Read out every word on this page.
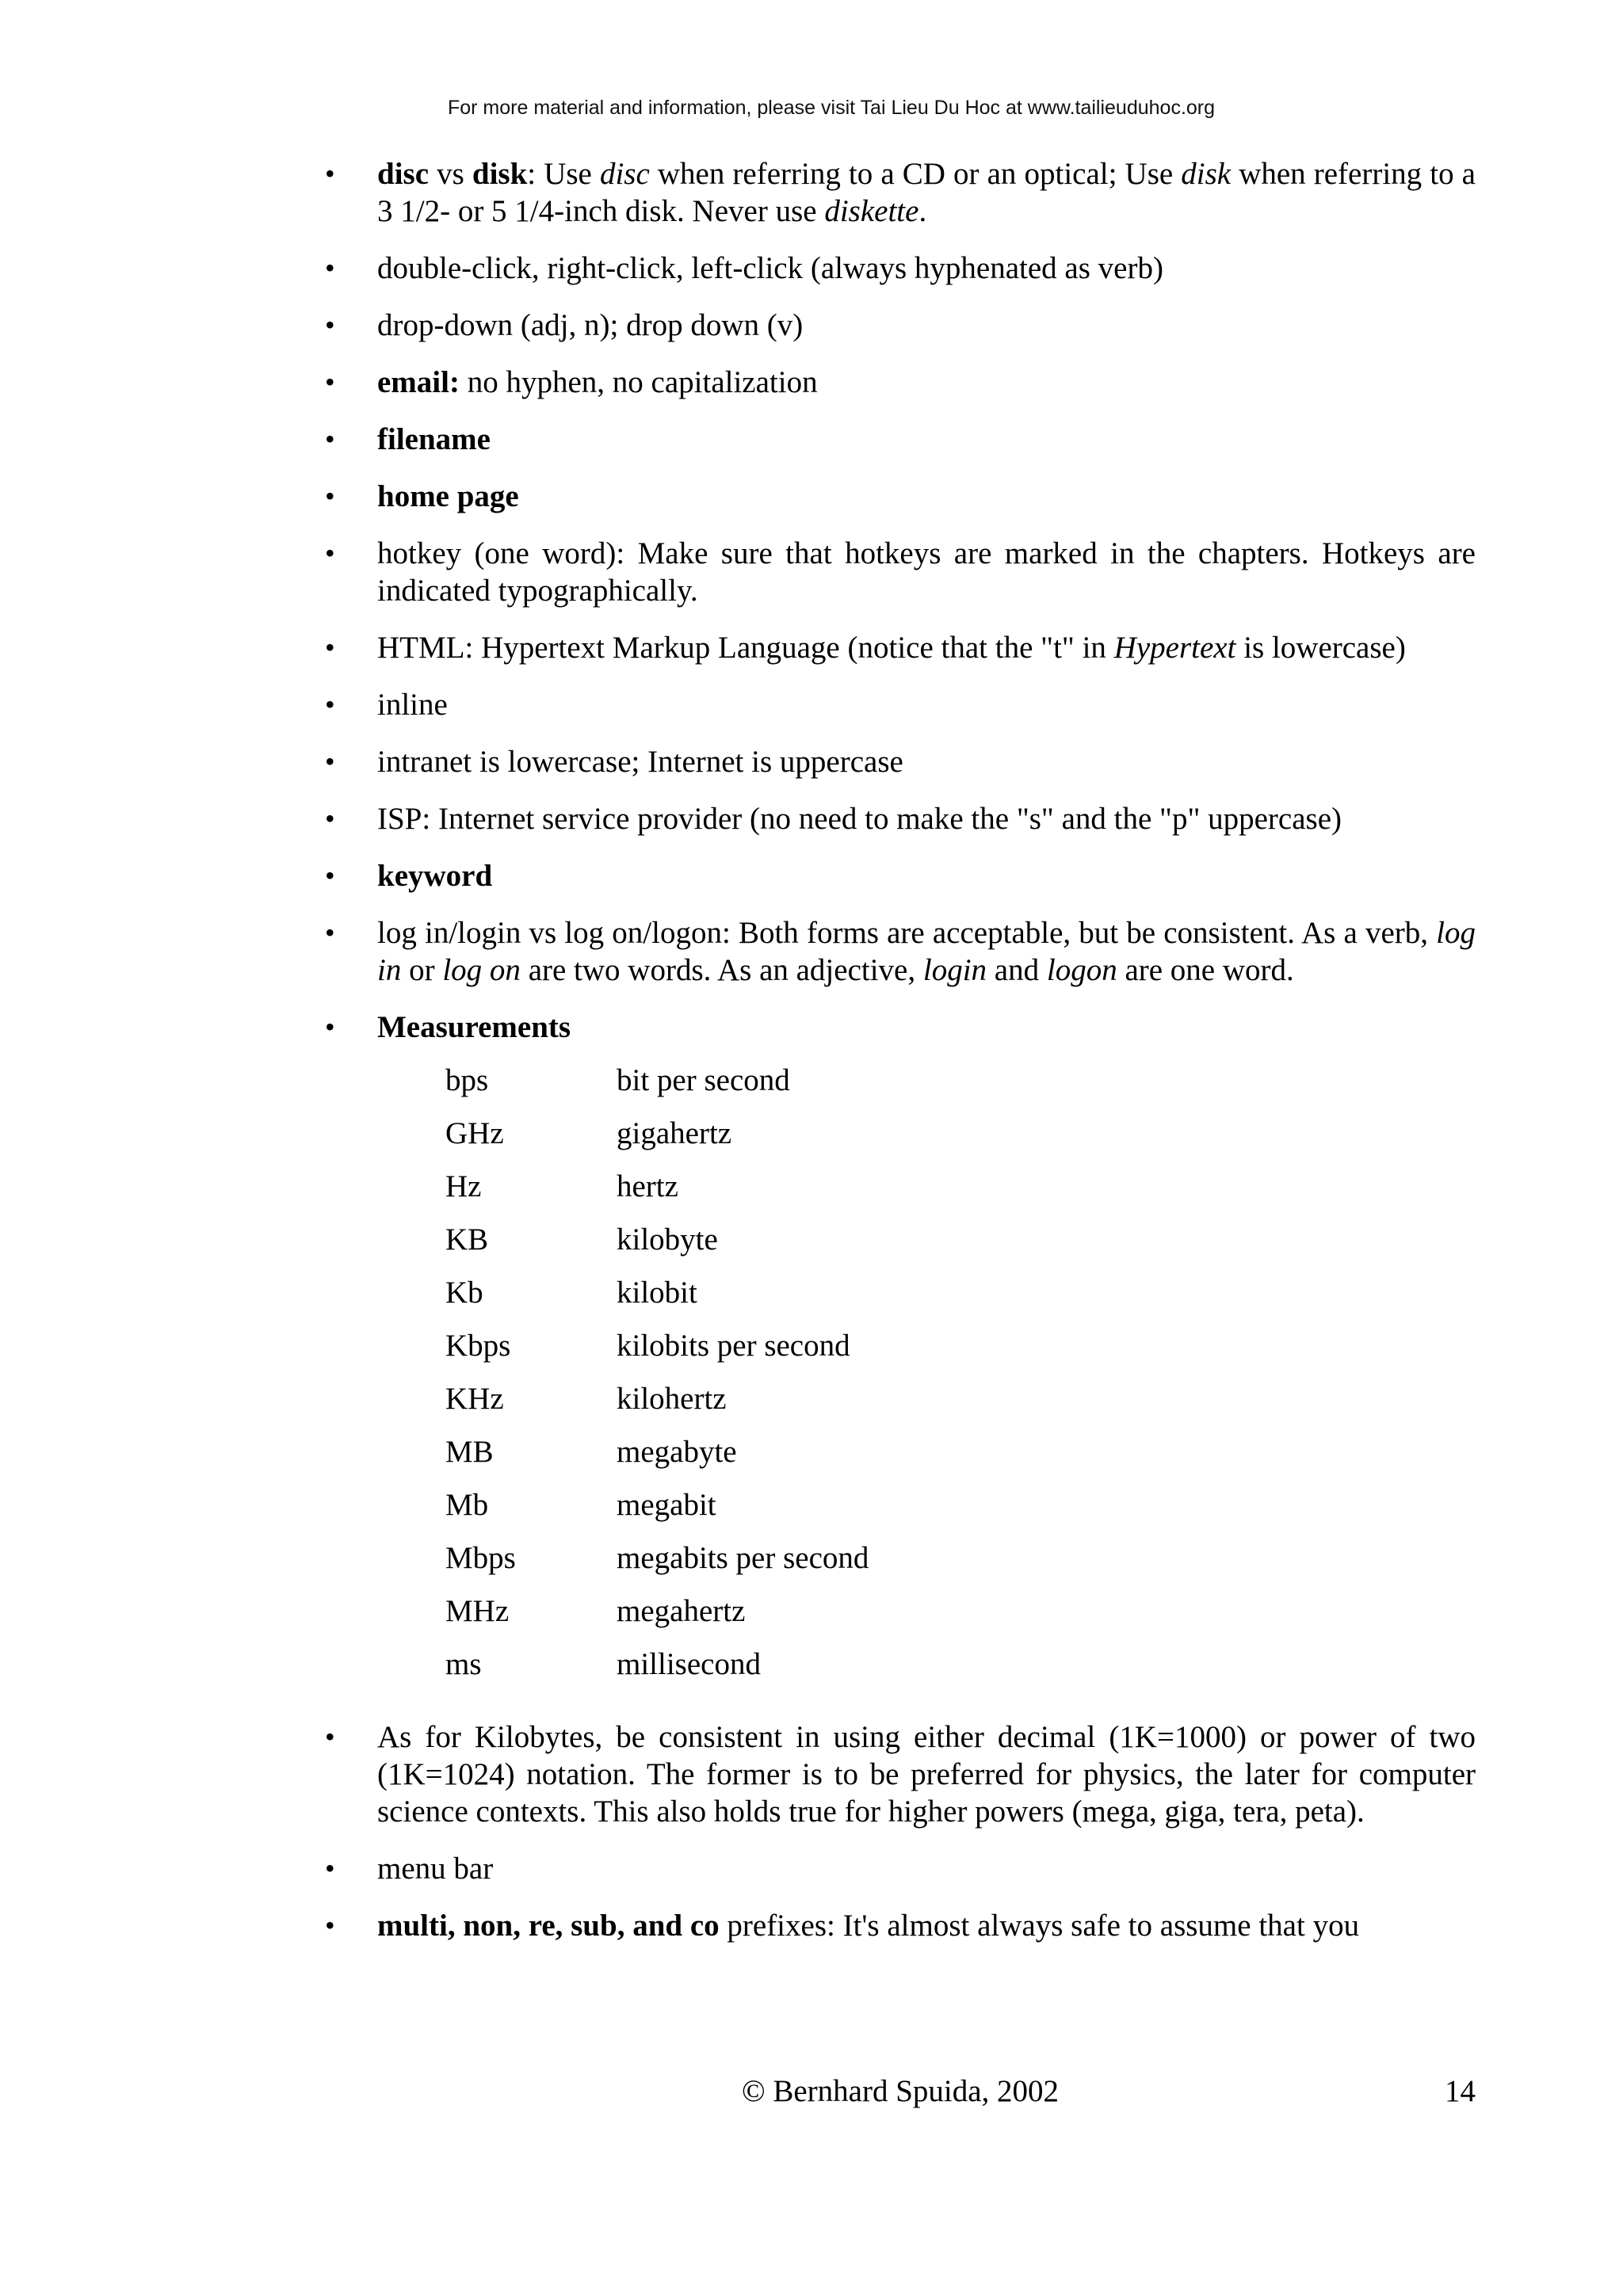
For more material and information, please visit Tai Lieu Du Hoc at www.tailieuduhoc.org

• disc vs disk: Use disc when referring to a CD or an optical; Use disk when referring to a 3 1/2- or 5 1/4-inch disk. Never use diskette.

• double-click, right-click, left-click (always hyphenated as verb)

• drop-down (adj, n); drop down (v)

• email: no hyphen, no capitalization

• filename

• home page

• hotkey (one word): Make sure that hotkeys are marked in the chapters. Hotkeys are indicated typographically.

• HTML: Hypertext Markup Language (notice that the "t" in Hypertext is lowercase)

• inline

• intranet is lowercase; Internet is uppercase

• ISP: Internet service provider (no need to make the "s" and the "p" uppercase)

• keyword

• log in/login vs log on/logon: Both forms are acceptable, but be consistent. As a verb, log in or log on are two words. As an adjective, login and logon are one word.

• Measurements

bps	bit per second
GHz	gigahertz
Hz	hertz
KB	kilobyte
Kb	kilobit
Kbps	kilobits per second
KHz	kilohertz
MB	megabyte
Mb	megabit
Mbps	megabits per second
MHz	megahertz
ms	millisecond

• As for Kilobytes, be consistent in using either decimal (1K=1000) or power of two (1K=1024) notation. The former is to be preferred for physics, the later for computer science contexts. This also holds true for higher powers (mega, giga, tera, peta).

• menu bar

• multi, non, re, sub, and co prefixes: It's almost always safe to assume that you

© Bernhard Spuida, 2002	14
